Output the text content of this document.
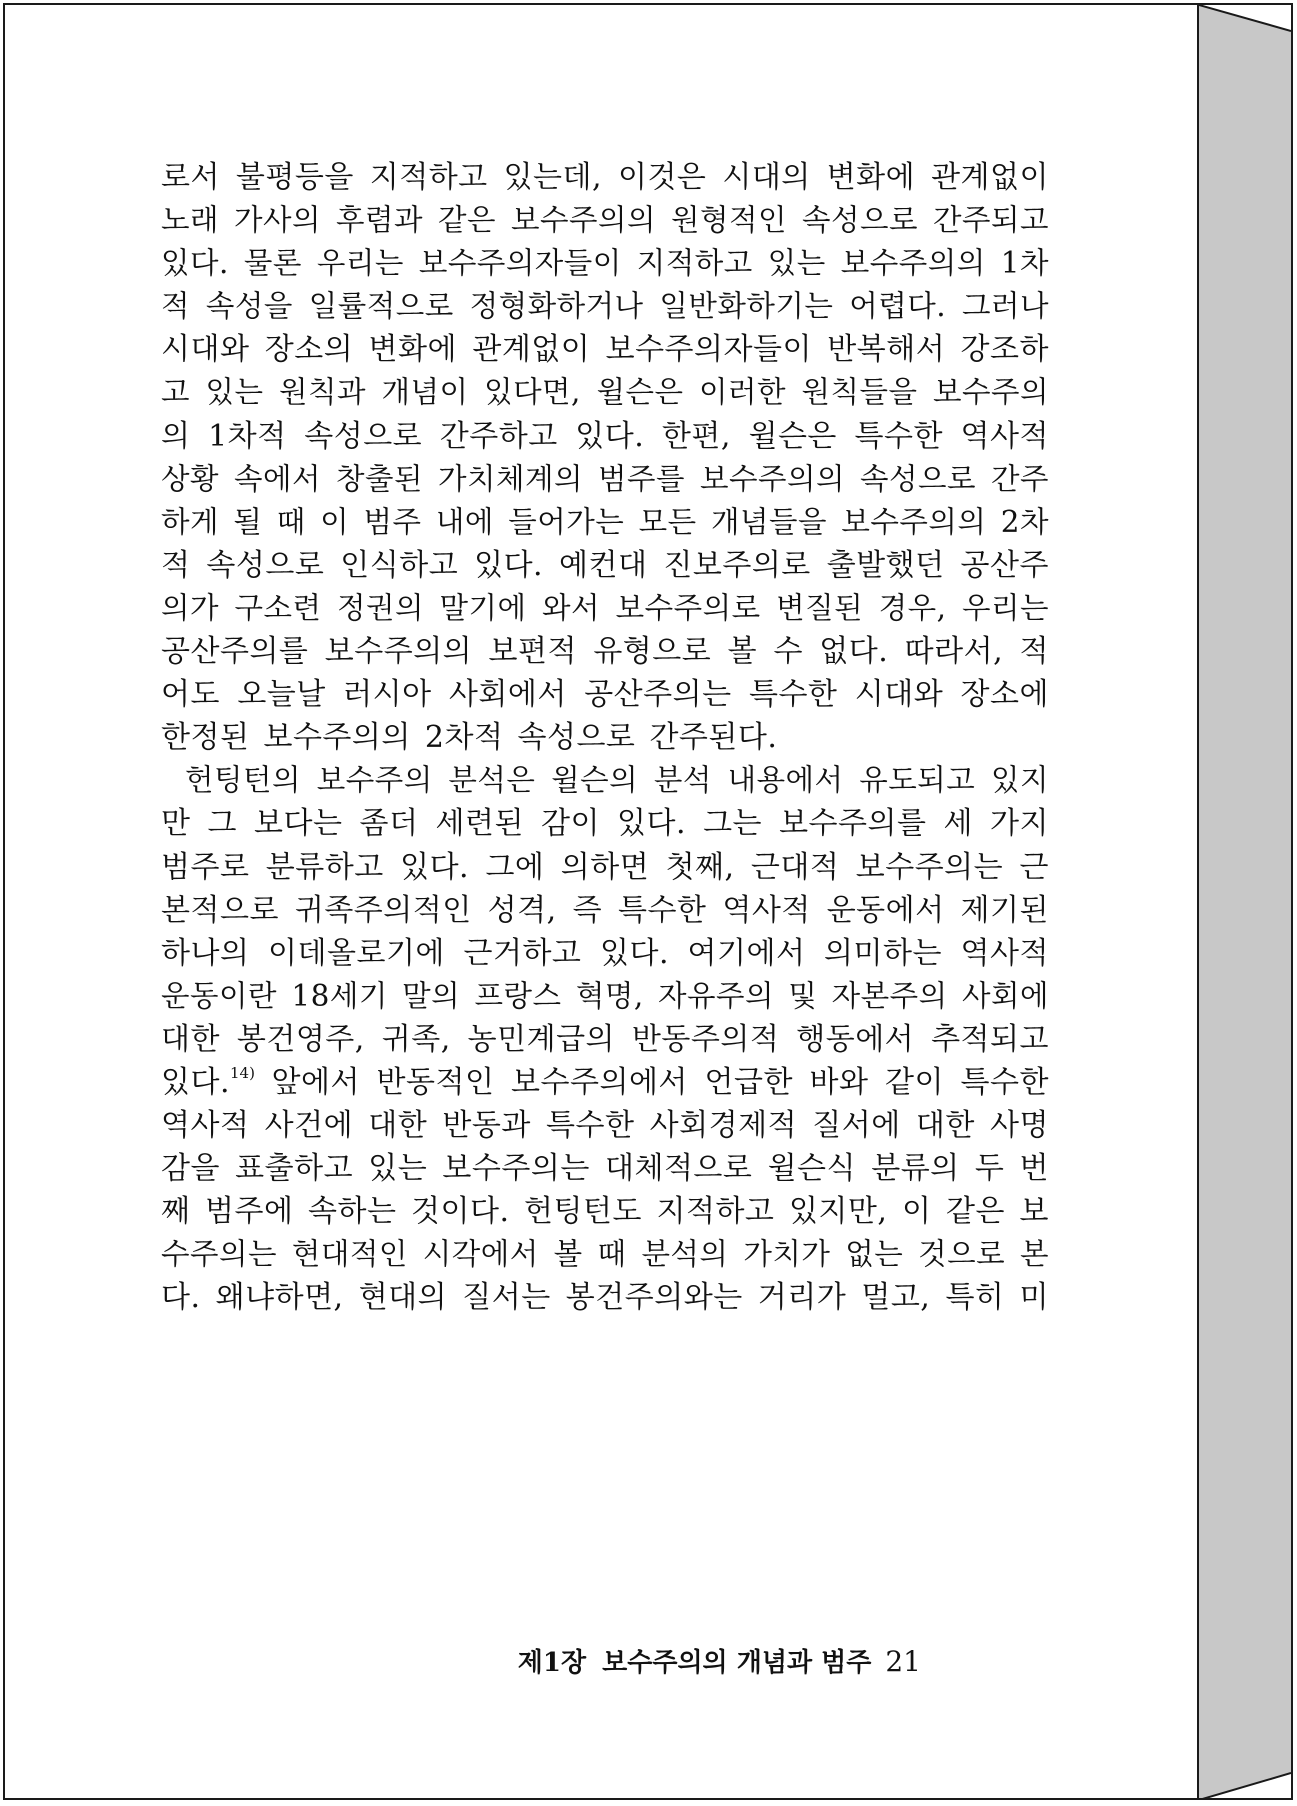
로서 불평등을 지적하고 있는데, 이것은 시대의 변화에 관계없이
노래 가사의 후렴과 같은 보수주의의 원형적인 속성으로 간주되고
있다. 물론 우리는 보수주의자들이 지적하고 있는 보수주의의 1차
적 속성을 일률적으로 정형화하거나 일반화하기는 어렵다. 그러나
시대와 장소의 변화에 관계없이 보수주의자들이 반복해서 강조하
고 있는 원칙과 개념이 있다면, 윌슨은 이러한 원칙들을 보수주의
의 1차적 속성으로 간주하고 있다. 한편, 윌슨은 특수한 역사적
상황 속에서 창출된 가치체계의 범주를 보수주의의 속성으로 간주
하게 될 때 이 범주 내에 들어가는 모든 개념들을 보수주의의 2차
적 속성으로 인식하고 있다. 예컨대 진보주의로 출발했던 공산주
의가 구소련 정권의 말기에 와서 보수주의로 변질된 경우, 우리는
공산주의를 보수주의의 보편적 유형으로 볼 수 없다. 따라서, 적
어도 오늘날 러시아 사회에서 공산주의는 특수한 시대와 장소에
한정된 보수주의의 2차적 속성으로 간주된다.
헌팅턴의 보수주의 분석은 윌슨의 분석 내용에서 유도되고 있지
만 그 보다는 좀더 세련된 감이 있다. 그는 보수주의를 세 가지
범주로 분류하고 있다. 그에 의하면 첫째, 근대적 보수주의는 근
본적으로 귀족주의적인 성격, 즉 특수한 역사적 운동에서 제기된
하나의 이데올로기에 근거하고 있다. 여기에서 의미하는 역사적
운동이란 18세기 말의 프랑스 혁명, 자유주의 및 자본주의 사회에
대한 봉건영주, 귀족, 농민계급의 반동주의적 행동에서 추적되고
있다.$^{14)}$ 앞에서 반동적인 보수주의에서 언급한 바와 같이 특수한
역사적 사건에 대한 반동과 특수한 사회경제적 질서에 대한 사명
감을 표출하고 있는 보수주의는 대체적으로 윌슨식 분류의 두 번
째 범주에 속하는 것이다. 헌팅턴도 지적하고 있지만, 이 같은 보
수주의는 현대적인 시각에서 볼 때 분석의 가치가 없는 것으로 본
다. 왜냐하면, 현대의 질서는 봉건주의와는 거리가 멀고, 특히 미
제1장 보수주의의 개념과 범주 21
